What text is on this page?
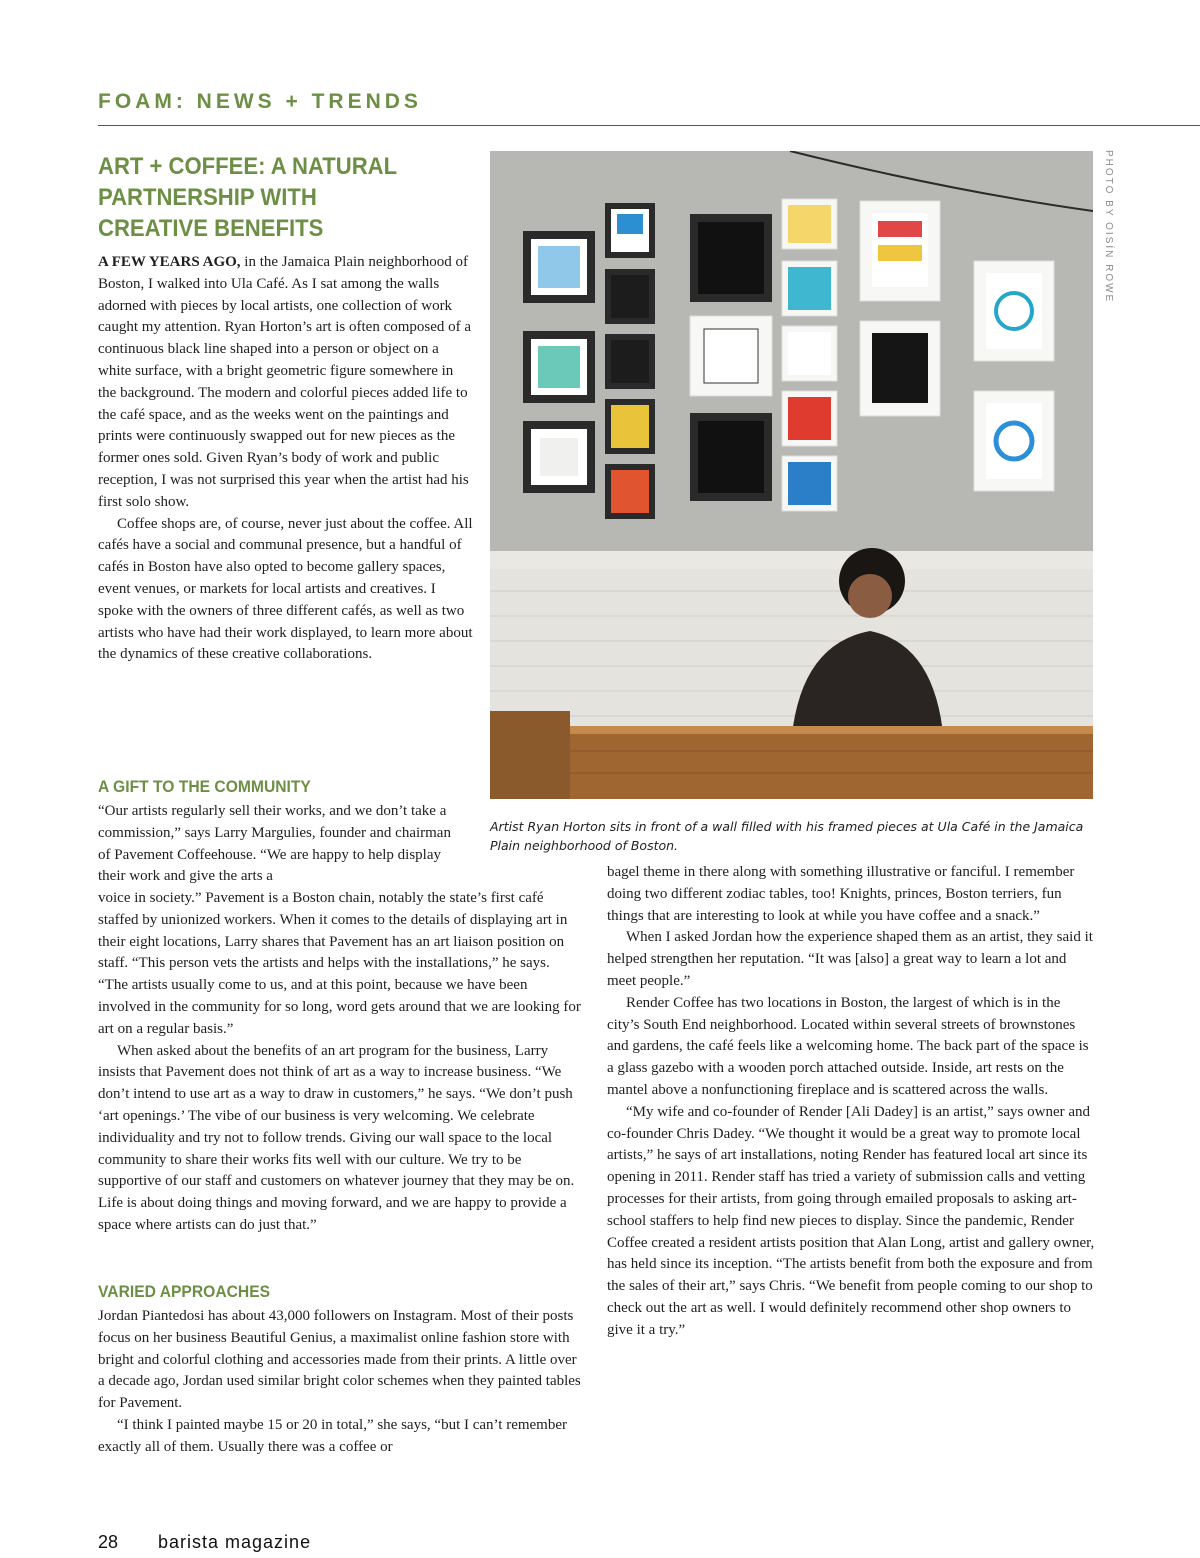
FOAM: NEWS + TRENDS
ART + COFFEE: A NATURAL PARTNERSHIP WITH CREATIVE BENEFITS	PHOTO BY OISÍN ROWE
Artist Ryan Horton sits in front of a wall filled with his framed pieces at Ula Café in the Jamaica Plain neighborhood of Boston.

A FEW YEARS AGO, in the Jamaica Plain neighborhood of Boston, I walked into Ula Café. As I sat among the walls adorned with pieces by local artists, one collection of work caught my attention. Ryan Horton’s art is often composed of a continuous black line shaped into a person or object on a white surface, with a bright geometric figure somewhere in the background. The modern and colorful pieces added life to the café space, and as the weeks went on the paintings and prints were continuously swapped out for new pieces as the former ones sold. Given Ryan’s body of work and public reception, I was not surprised this year when the artist had his first solo show.

Coffee shops are, of course, never just about the coffee. All cafés have a social and communal presence, but a handful of cafés in Boston have also opted to become gallery spaces, event venues, or markets for local artists and creatives. I spoke with the owners of three different cafés, as well as two artists who have had their work displayed, to learn more about the dynamics of these creative collaborations.

A GIFT TO THE COMMUNITY

“Our artists regularly sell their works, and we don’t take a commission,” says Larry Margulies, founder and chairman of Pavement Coffeehouse. “We are happy to help display their work and give the arts a

voice in society.” Pavement is a Boston chain, notably the state’s first café staffed by unionized workers. When it comes to the details of displaying art in their eight locations, Larry shares that Pavement has an art liaison position on staff. “This person vets the artists and helps with the installations,” he says. “The artists usually come to us, and at this point, because we have been involved in the community for so long, word gets around that we are looking for art on a regular basis.”

When asked about the benefits of an art program for the business, Larry insists that Pavement does not think of art as a way to increase business. “We don’t intend to use art as a way to draw in customers,” he says. “We don’t push ‘art openings.’ The vibe of our business is very welcoming. We celebrate individuality and try not to follow trends. Giving our wall space to the local community to share their works fits well with our culture. We try to be supportive of our staff and customers on whatever journey that they may be on. Life is about doing things and moving forward, and we are happy to provide a space where artists can do just that.”

VARIED APPROACHES

Jordan Piantedosi has about 43,000 followers on Instagram. Most of their posts focus on her business Beautiful Genius, a maximalist online fashion store with bright and colorful clothing and accessories made from their prints. A little over a decade ago, Jordan used similar bright color schemes when they painted tables for Pavement.

“I think I painted maybe 15 or 20 in total,” she says, “but I can’t remember exactly all of them. Usually there was a coffee or

bagel theme in there along with something illustrative or fanciful. I remember doing two different zodiac tables, too! Knights, princes, Boston terriers, fun things that are interesting to look at while you have coffee and a snack.”

When I asked Jordan how the experience shaped them as an artist, they said it helped strengthen her reputation. “It was [also] a great way to learn a lot and meet people.”

Render Coffee has two locations in Boston, the largest of which is in the city’s South End neighborhood. Located within several streets of brownstones and gardens, the café feels like a welcoming home. The back part of the space is a glass gazebo with a wooden porch attached outside. Inside, art rests on the mantel above a nonfunctioning fireplace and is scattered across the walls.

“My wife and co-founder of Render [Ali Dadey] is an artist,” says owner and co-founder Chris Dadey. “We thought it would be a great way to promote local artists,” he says of art installations, noting Render has featured local art since its opening in 2011. Render staff has tried a variety of submission calls and vetting processes for their artists, from going through emailed proposals to asking art-school staffers to help find new pieces to display. Since the pandemic, Render Coffee created a resident artists position that Alan Long, artist and gallery owner, has held since its inception. “The artists benefit from both the exposure and from the sales of their art,” says Chris. “We benefit from people coming to our shop to check out the art as well. I would definitely recommend other shop owners to give it a try.”

28 barista magazine
